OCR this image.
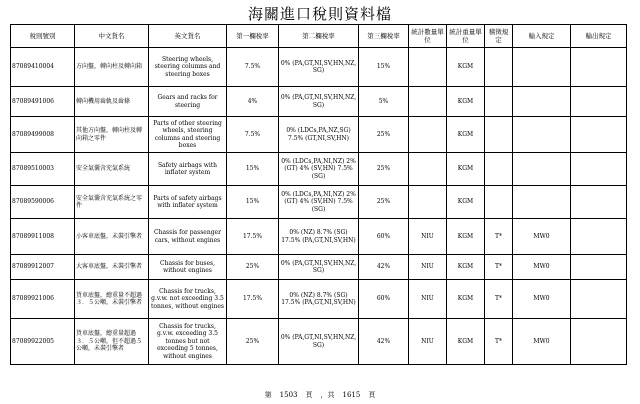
海關進口稅則資料檔
稅則號別	中文貨名	英文貨名	第一欄稅率	第二欄稅率	第三欄稅率	統計數量單位	統計重量單位	稽徵規定	輸入規定	輸出規定
87089410004	方向盤，轉向柱及轉向箱	Steering wheels, steering columns and steering boxes	7.5%	0% (PA,GT,NI,SV,HN,NZ, SG)	15%		KGM			
87089491006	轉向機用齒軌及齒條	Gears and racks for steering	4%	0% (PA,GT,NI,SV,HN,NZ, SG)	5%		KGM			
87089499008	其他方向盤，轉向柱及轉向箱之零件	Parts of other steering wheels, steering columns and steering boxes	7.5%	0% (LDCs,PA,NZ,SG) 7.5% (GT,NI,SV,HN)	25%		KGM			
87089510003	安全氣囊含充氣系統	Safety airbags with inflater system	15%	0% (LDCs,PA,NI,NZ) 2% (GT) 4% (SV,HN) 7.5% (SG)	25%		KGM			
87089590006	安全氣囊含充氣系統之零件	Parts of safety airbags with inflater system	15%	0% (LDCs,PA,NI,NZ) 2% (GT) 4% (SV,HN) 7.5% (SG)	25%		KGM			
87089911008	小客車底盤，未裝引擎者	Chassis for passenger cars, without engines	17.5%	0% (NZ) 8.7% (SG) 17.5% (PA,GT,NI,SV,HN)	60%	NIU	KGM	T*	MW0	
87089912007	大客車底盤，未裝引擎者	Chassis for buses, without engines	25%	0% (PA,GT,NI,SV,HN,NZ, SG)	42%	NIU	KGM	T*	MW0	
87089921006	貨車底盤，總重量不超過３．５公噸，未裝引擎者	Chassis for trucks, g.v.w. not exceeding 3.5 tonnes, without engines	17.5%	0% (NZ) 8.7% (SG) 17.5% (PA,GT,NI,SV,HN)	60%	NIU	KGM	T*	MW0	
87089922005	貨車底盤，總重量超過３．５公噸，但不超過５公噸，未裝引擎者	Chassis for trucks, g.v.w. exceeding 3.5 tonnes but not exceeding 5 tonnes, without engines	25%	0% (PA,GT,NI,SV,HN,NZ, SG)	42%	NIU	KGM	T*	MW0	
第 1503 頁 ，共 1615 頁
